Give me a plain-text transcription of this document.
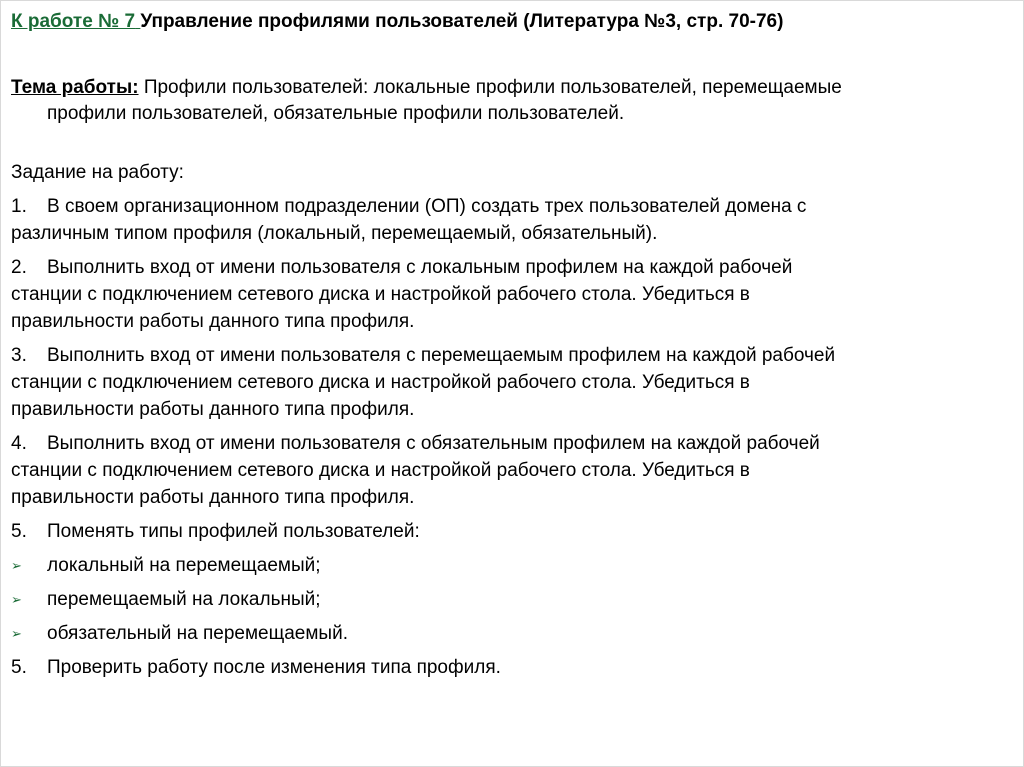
К работе № 7 Управление профилями пользователей (Литература №3, стр. 70-76)
Тема работы: Профили пользователей: локальные профили пользователей, перемещаемые
профили пользователей, обязательные профили пользователей.
Задание на работу:
1. В своем организационном подразделении (ОП) создать трех пользователей домена с
различным типом профиля (локальный, перемещаемый, обязательный).
2. Выполнить вход от имени пользователя с локальным профилем на каждой рабочей
станции с подключением сетевого диска и настройкой рабочего стола. Убедиться в
правильности работы данного типа профиля.
3. Выполнить вход от имени пользователя с перемещаемым профилем на каждой рабочей
станции с подключением сетевого диска и настройкой рабочего стола. Убедиться в
правильности работы данного типа профиля.
4. Выполнить вход от имени пользователя с обязательным профилем на каждой рабочей
станции с подключением сетевого диска и настройкой рабочего стола. Убедиться в
правильности работы данного типа профиля.
5. Поменять типы профилей пользователей:
➢	локальный на перемещаемый;
➢	перемещаемый на локальный;
➢	обязательный на перемещаемый.
5. Проверить работу после изменения типа профиля.
